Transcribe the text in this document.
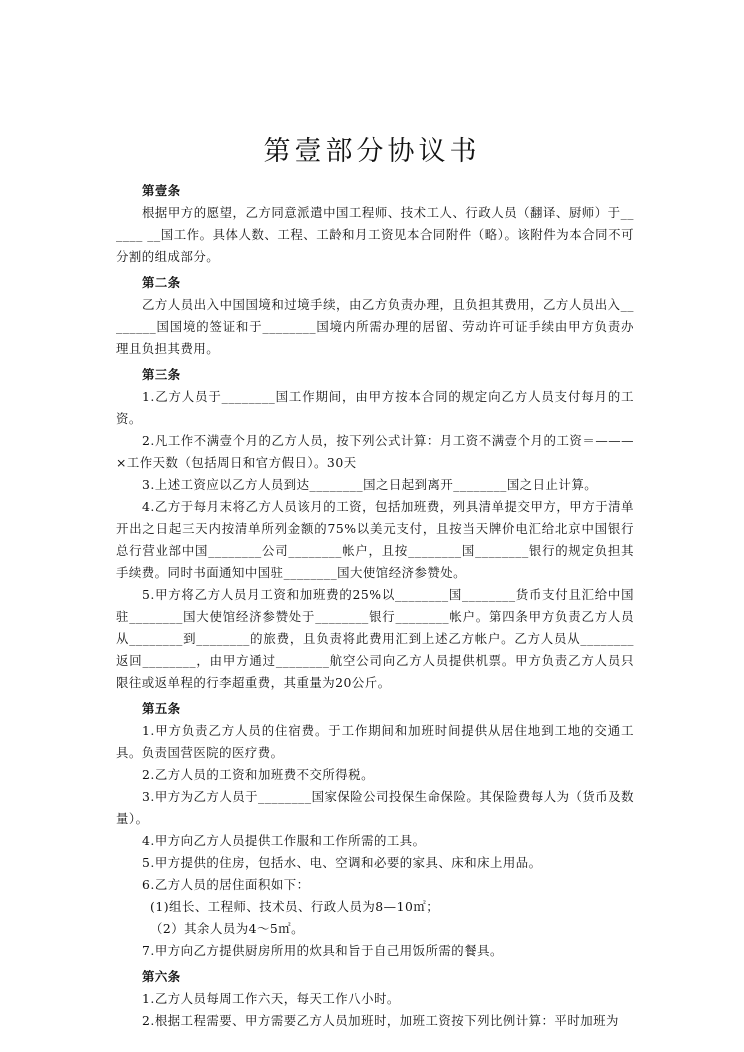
第壹部分协议书

第壹条

根据甲方的愿望，乙方同意派遣中国工程师、技术工人、行政人员（翻译、厨师）于______ __国工作。具体人数、工程、工龄和月工资见本合同附件（略）。该附件为本合同不可分割的组成部分。

第二条

乙方人员出入中国国境和过境手续，由乙方负责办理，且负担其费用，乙方人员出入________国国境的签证和于________国境内所需办理的居留、劳动许可证手续由甲方负责办理且负担其费用。

第三条

1.乙方人员于________国工作期间，由甲方按本合同的规定向乙方人员支付每月的工资。

2.凡工作不满壹个月的乙方人员，按下列公式计算：月工资不满壹个月的工资＝———×工作天数（包括周日和官方假日）。30天

3.上述工资应以乙方人员到达________国之日起到离开________国之日止计算。

4.乙方于每月末将乙方人员该月的工资，包括加班费，列具清单提交甲方，甲方于清单开出之日起三天内按清单所列金额的75%以美元支付，且按当天牌价电汇给北京中国银行总行营业部中国________公司________帐户，且按________国________银行的规定负担其手续费。同时书面通知中国驻________国大使馆经济参赞处。

5.甲方将乙方人员月工资和加班费的25%以________国________货币支付且汇给中国驻________国大使馆经济参赞处于________银行________帐户。第四条甲方负责乙方人员从________到________的旅费，且负责将此费用汇到上述乙方帐户。乙方人员从________返回________，由甲方通过________航空公司向乙方人员提供机票。甲方负责乙方人员只限往或返单程的行李超重费，其重量为20公斤。

第五条

1.甲方负责乙方人员的住宿费。于工作期间和加班时间提供从居住地到工地的交通工具。负责国营医院的医疗费。

2.乙方人员的工资和加班费不交所得税。

3.甲方为乙方人员于________国家保险公司投保生命保险。其保险费每人为（货币及数量）。

4.甲方向乙方人员提供工作服和工作所需的工具。

5.甲方提供的住房，包括水、电、空调和必要的家具、床和床上用品。

6.乙方人员的居住面积如下：

(1)组长、工程师、技术员、行政人员为8—10㎡；

（2）其余人员为4～5㎡。

7.甲方向乙方提供厨房所用的炊具和旨于自己用饭所需的餐具。

第六条

1.乙方人员每周工作六天，每天工作八小时。

2.根据工程需要、甲方需要乙方人员加班时，加班工资按下列比例计算：平时加班为
